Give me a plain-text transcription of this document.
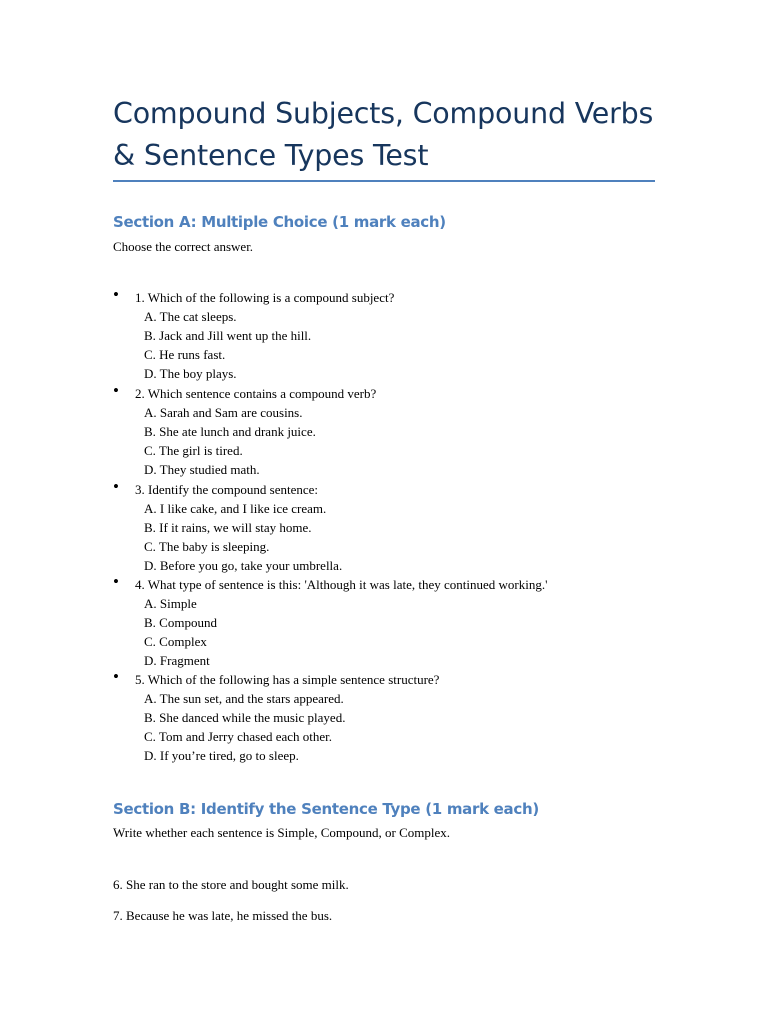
Compound Subjects, Compound Verbs
& Sentence Types Test
Section A: Multiple Choice (1 mark each)
Choose the correct answer.
• 1. Which of the following is a compound subject?
A. The cat sleeps.
B. Jack and Jill went up the hill.
C. He runs fast.
D. The boy plays.
• 2. Which sentence contains a compound verb?
A. Sarah and Sam are cousins.
B. She ate lunch and drank juice.
C. The girl is tired.
D. They studied math.
• 3. Identify the compound sentence:
A. I like cake, and I like ice cream.
B. If it rains, we will stay home.
C. The baby is sleeping.
D. Before you go, take your umbrella.
• 4. What type of sentence is this: 'Although it was late, they continued working.'
A. Simple
B. Compound
C. Complex
D. Fragment
• 5. Which of the following has a simple sentence structure?
A. The sun set, and the stars appeared.
B. She danced while the music played.
C. Tom and Jerry chased each other.
D. If you’re tired, go to sleep.
Section B: Identify the Sentence Type (1 mark each)
Write whether each sentence is Simple, Compound, or Complex.
6. She ran to the store and bought some milk.
7. Because he was late, he missed the bus.
